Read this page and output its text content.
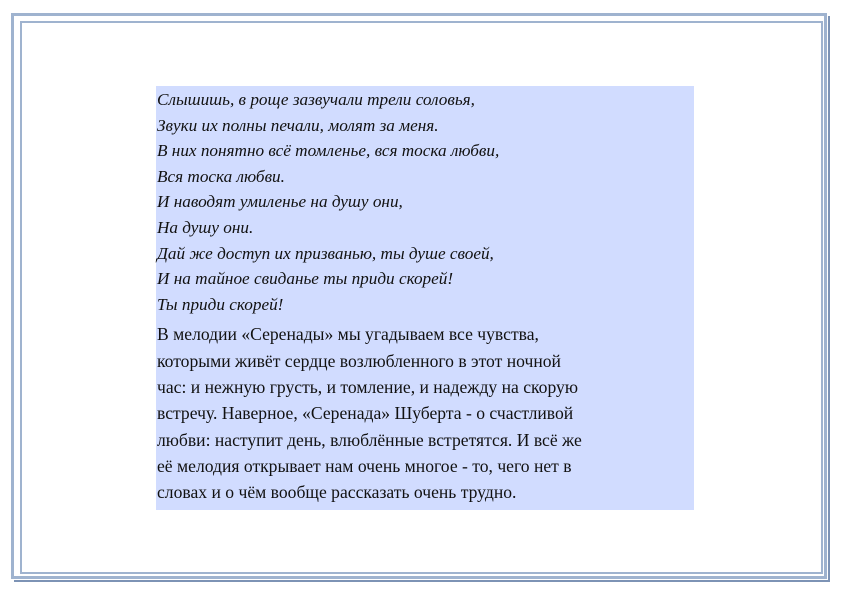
Слышишь, в роще зазвучали трели соловья,
Звуки их полны печали, молят за меня.
В них понятно всё томленье, вся тоска любви,
Вся тоска любви.
И наводят умиленье на душу они,
На душу они.
Дай же доступ их призванью, ты душе своей,
И на тайное свиданье ты приди скорей!
Ты приди скорей!

В мелодии «Серенады» мы угадываем все чувства,
которыми живёт сердце возлюбленного в этот ночной
час: и нежную грусть, и томление, и надежду на скорую
встречу. Наверное, «Серенада» Шуберта - о счастливой
любви: наступит день, влюблённые встретятся. И всё же
её мелодия открывает нам очень многое - то, чего нет в
словах и о чём вообще рассказать очень трудно.
